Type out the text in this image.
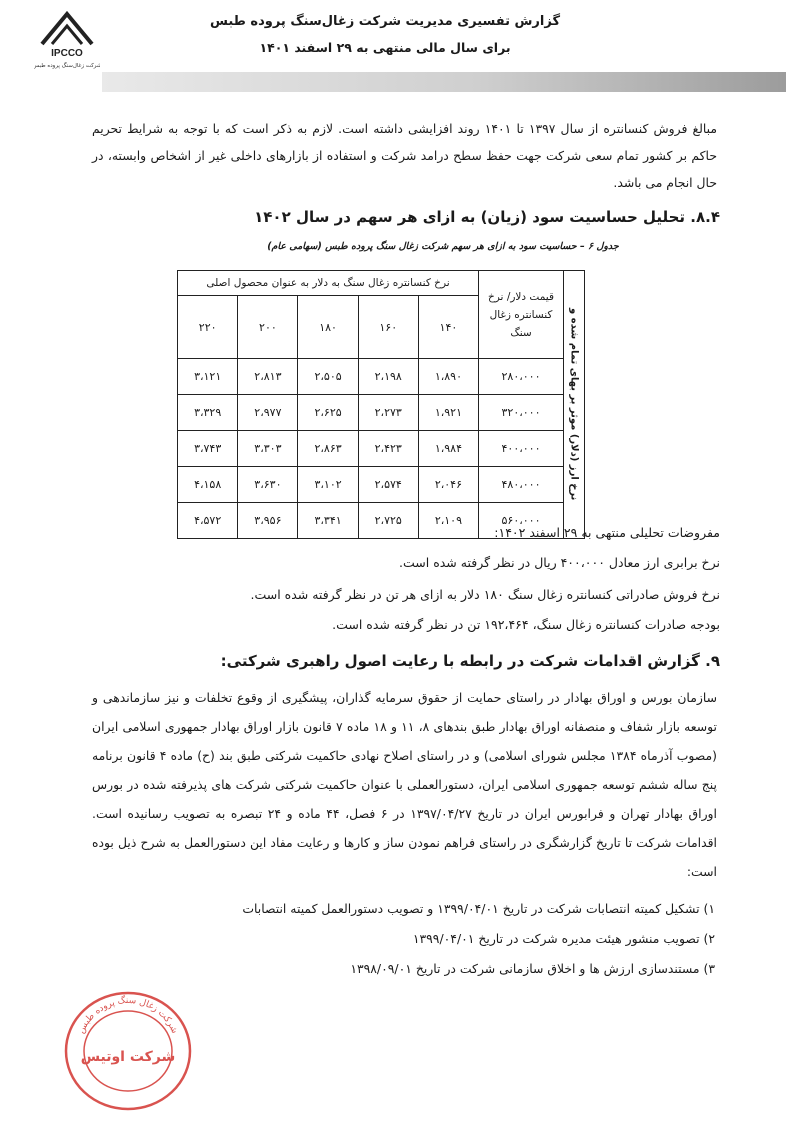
IPCCO
شرکت زغال‌سنگ پروده طبس
گزارش تفسیری مدیریت شرکت زغال‌سنگ پروده طبس
برای سال مالی منتهی به ۲۹ اسفند ۱۴۰۱
مبالغ فروش کنسانتره از سال ۱۳۹۷ تا ۱۴۰۱ روند افزایشی داشته است. لازم به ذکر است که با توجه به شرایط تحریم حاکم بر کشور تمام سعی شرکت جهت حفظ سطح درامد شرکت و استفاده از بازارهای داخلی غیر از اشخاص وابسته، در حال انجام می باشد.
۸.۴. تحلیل حساسیت سود (زیان) به ازای هر سهم در سال ۱۴۰۲
جدول ۶ – حساسیت سود به ازای هر سهم شرکت زغال سنگ پروده طبس (سهامی عام)
نرخ ارز (دلار) موثر بر بهای تمام شده و	قیمت دلار/ نرخ کنسانتره زغال سنگ	نرخ کنسانتره زغال سنگ به دلار به عنوان محصول اصلی				
		۱۴۰	۱۶۰	۱۸۰	۲۰۰	۲۲۰
	۲۸۰،۰۰۰	۱،۸۹۰	۲،۱۹۸	۲،۵۰۵	۲،۸۱۳	۳،۱۲۱
	۳۲۰،۰۰۰	۱،۹۲۱	۲،۲۷۳	۲،۶۲۵	۲،۹۷۷	۳،۳۲۹
	۴۰۰،۰۰۰	۱،۹۸۴	۲،۴۲۳	۲،۸۶۳	۳،۳۰۳	۳،۷۴۳
	۴۸۰،۰۰۰	۲،۰۴۶	۲،۵۷۴	۳،۱۰۲	۳،۶۳۰	۴،۱۵۸
	۵۶۰،۰۰۰	۲،۱۰۹	۲،۷۲۵	۳،۳۴۱	۳،۹۵۶	۴،۵۷۲
مفروضات تحلیلی منتهی به ۲۹ اسفند ۱۴۰۲:
نرخ برابری ارز معادل ۴۰۰،۰۰۰ ریال در نظر گرفته شده است.
نرخ فروش صادراتی کنسانتره زغال سنگ ۱۸۰ دلار به ازای هر تن در نظر گرفته شده است.
بودجه صادرات کنسانتره زغال سنگ، ۱۹۲،۴۶۴ تن در نظر گرفته شده است.
۹. گزارش اقدامات شرکت در رابطه با رعایت اصول راهبری شرکتی:
سازمان بورس و اوراق بهادار در راستای حمایت از حقوق سرمایه گذاران، پیشگیری از وقوع تخلفات و نیز سازماندهی و توسعه بازار شفاف و منصفانه اوراق بهادار طبق بندهای ۸، ۱۱ و ۱۸ ماده ۷ قانون بازار اوراق بهادار جمهوری اسلامی ایران (مصوب آذرماه ۱۳۸۴ مجلس شورای اسلامی) و در راستای اصلاح نهادی حاکمیت شرکتی طبق بند (ح) ماده ۴ قانون برنامه پنج ساله ششم توسعه جمهوری اسلامی ایران، دستورالعملی با عنوان حاکمیت شرکتی شرکت های پذیرفته شده در بورس اوراق بهادار تهران و فرابورس ایران در تاریخ ۱۳۹۷/۰۴/۲۷ در ۶ فصل، ۴۴ ماده و ۲۴ تبصره به تصویب رسانیده است. اقدامات شرکت تا تاریخ گزارشگری در راستای فراهم نمودن ساز و کارها و رعایت مفاد این دستورالعمل به شرح ذیل بوده است:
۱) تشکیل کمیته انتصابات شرکت در تاریخ ۱۳۹۹/۰۴/۰۱ و تصویب دستورالعمل کمیته انتصابات
۲) تصویب منشور هیئت مدیره شرکت در تاریخ ۱۳۹۹/۰۴/۰۱
۳) مستندسازی ارزش ها و اخلاق سازمانی شرکت در تاریخ ۱۳۹۸/۰۹/۰۱
شرکت زغال سنگ پروده طبس
شرکت اوتیس
